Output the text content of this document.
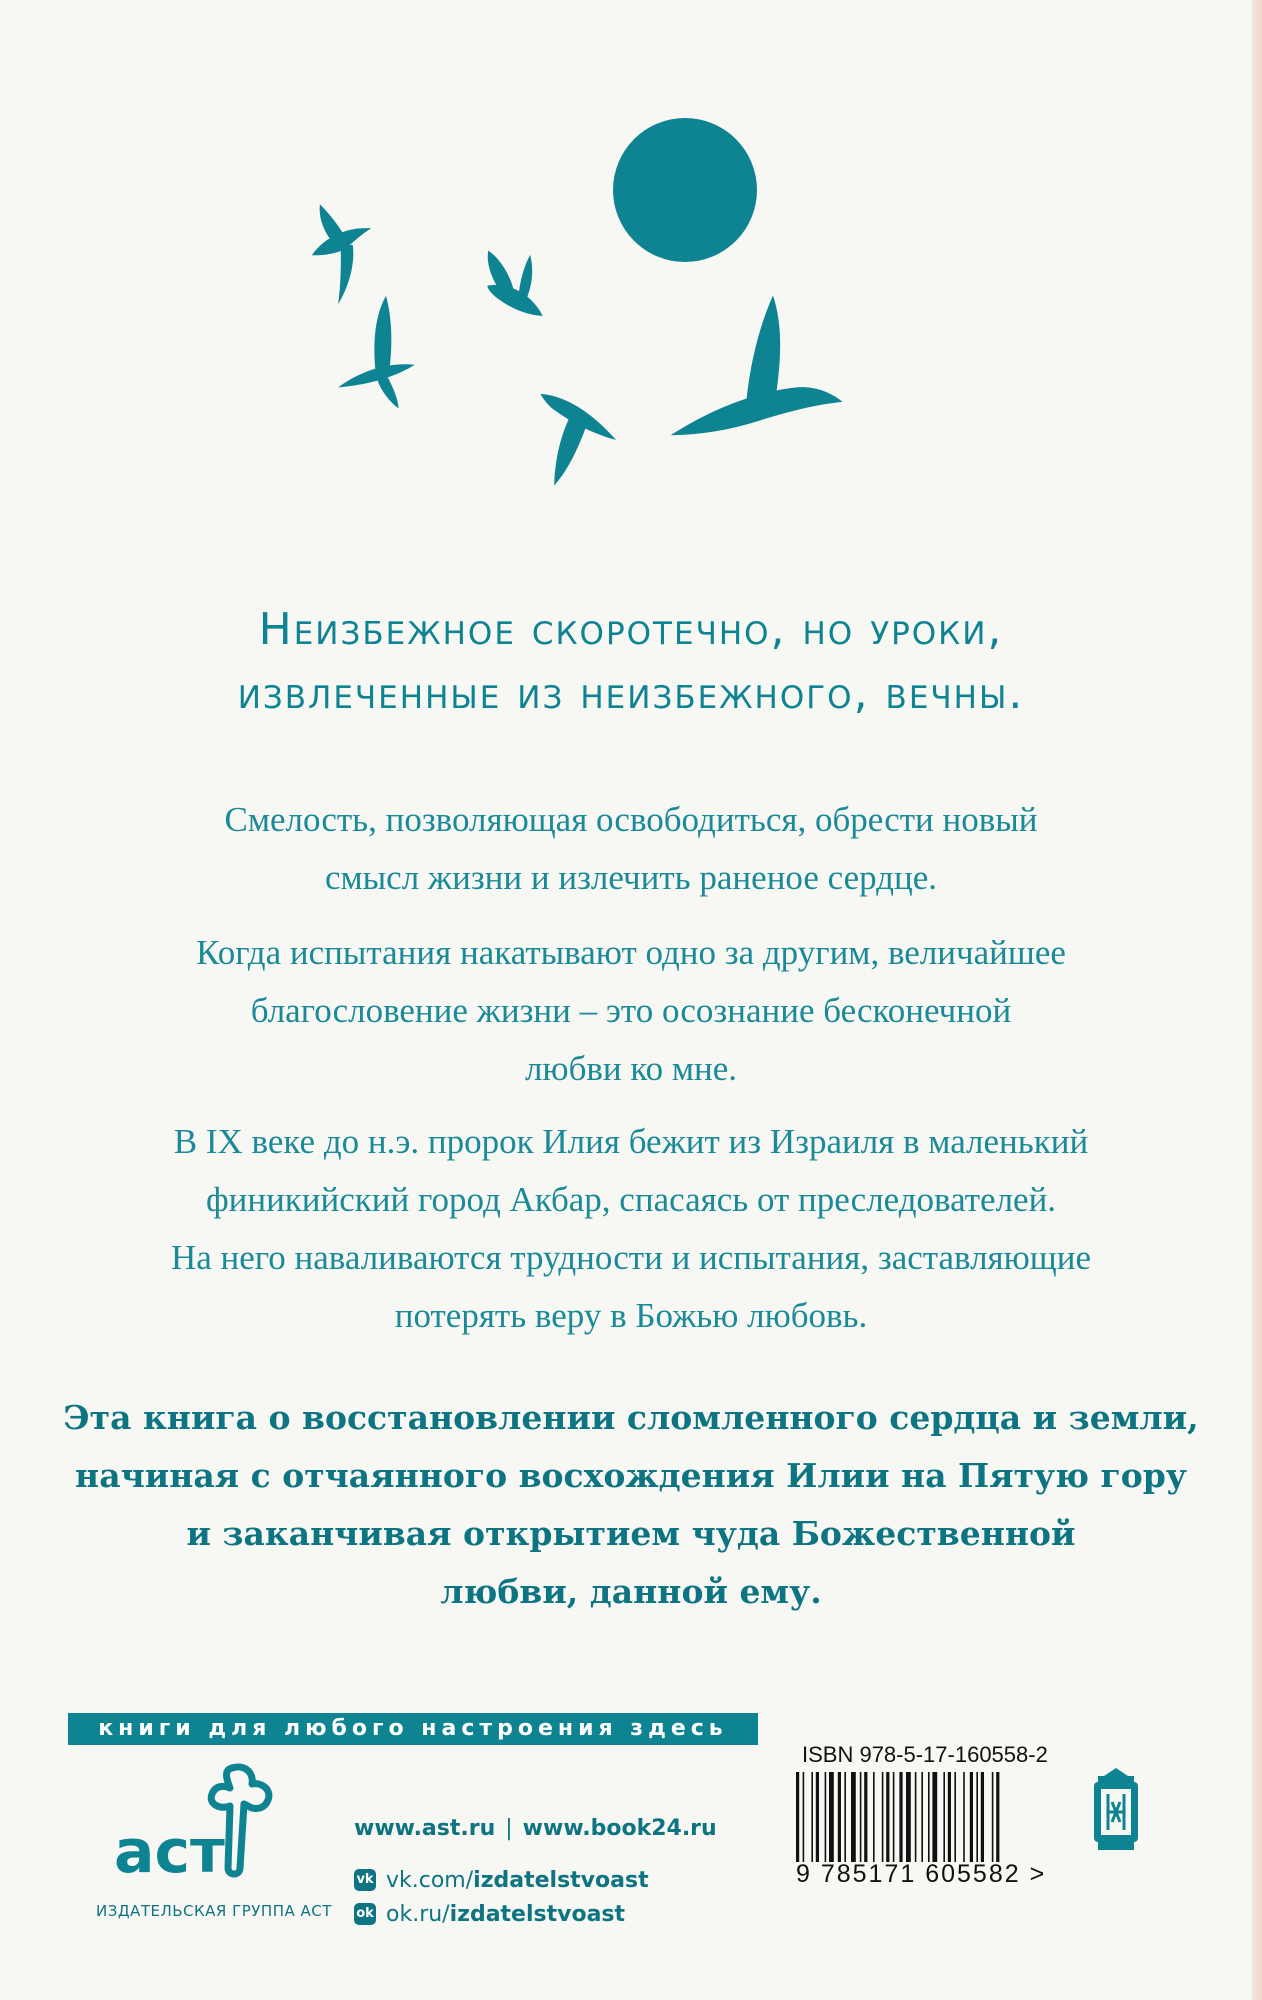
Неизбежное скоротечно, но уроки,
извлеченные из неизбежного, вечны.
Смелость, позволяющая освободиться, обрести новый
смысл жизни и излечить раненое сердце.
Когда испытания накатывают одно за другим, величайшее
благословение жизни – это осознание бесконечной
любви ко мне.
В IX веке до н.э. пророк Илия бежит из Израиля в маленький
финикийский город Акбар, спасаясь от преследователей.
На него наваливаются трудности и испытания, заставляющие
потерять веру в Божью любовь.
Эта книга о восстановлении сломленного сердца и земли,
начиная с отчаянного восхождения Илии на Пятую гору
и заканчивая открытием чуда Божественной
любви, данной ему.
книги для любого настроения здесь
аст
ИЗДАТЕЛЬСКАЯ ГРУППА АСТ
www.ast.ru | www.book24.ru
vk vk.com/ izdatelstvoast
ok ok.ru/ izdatelstvoast
ISBN 978-5-17-160558-2
9 785171 605582 >
